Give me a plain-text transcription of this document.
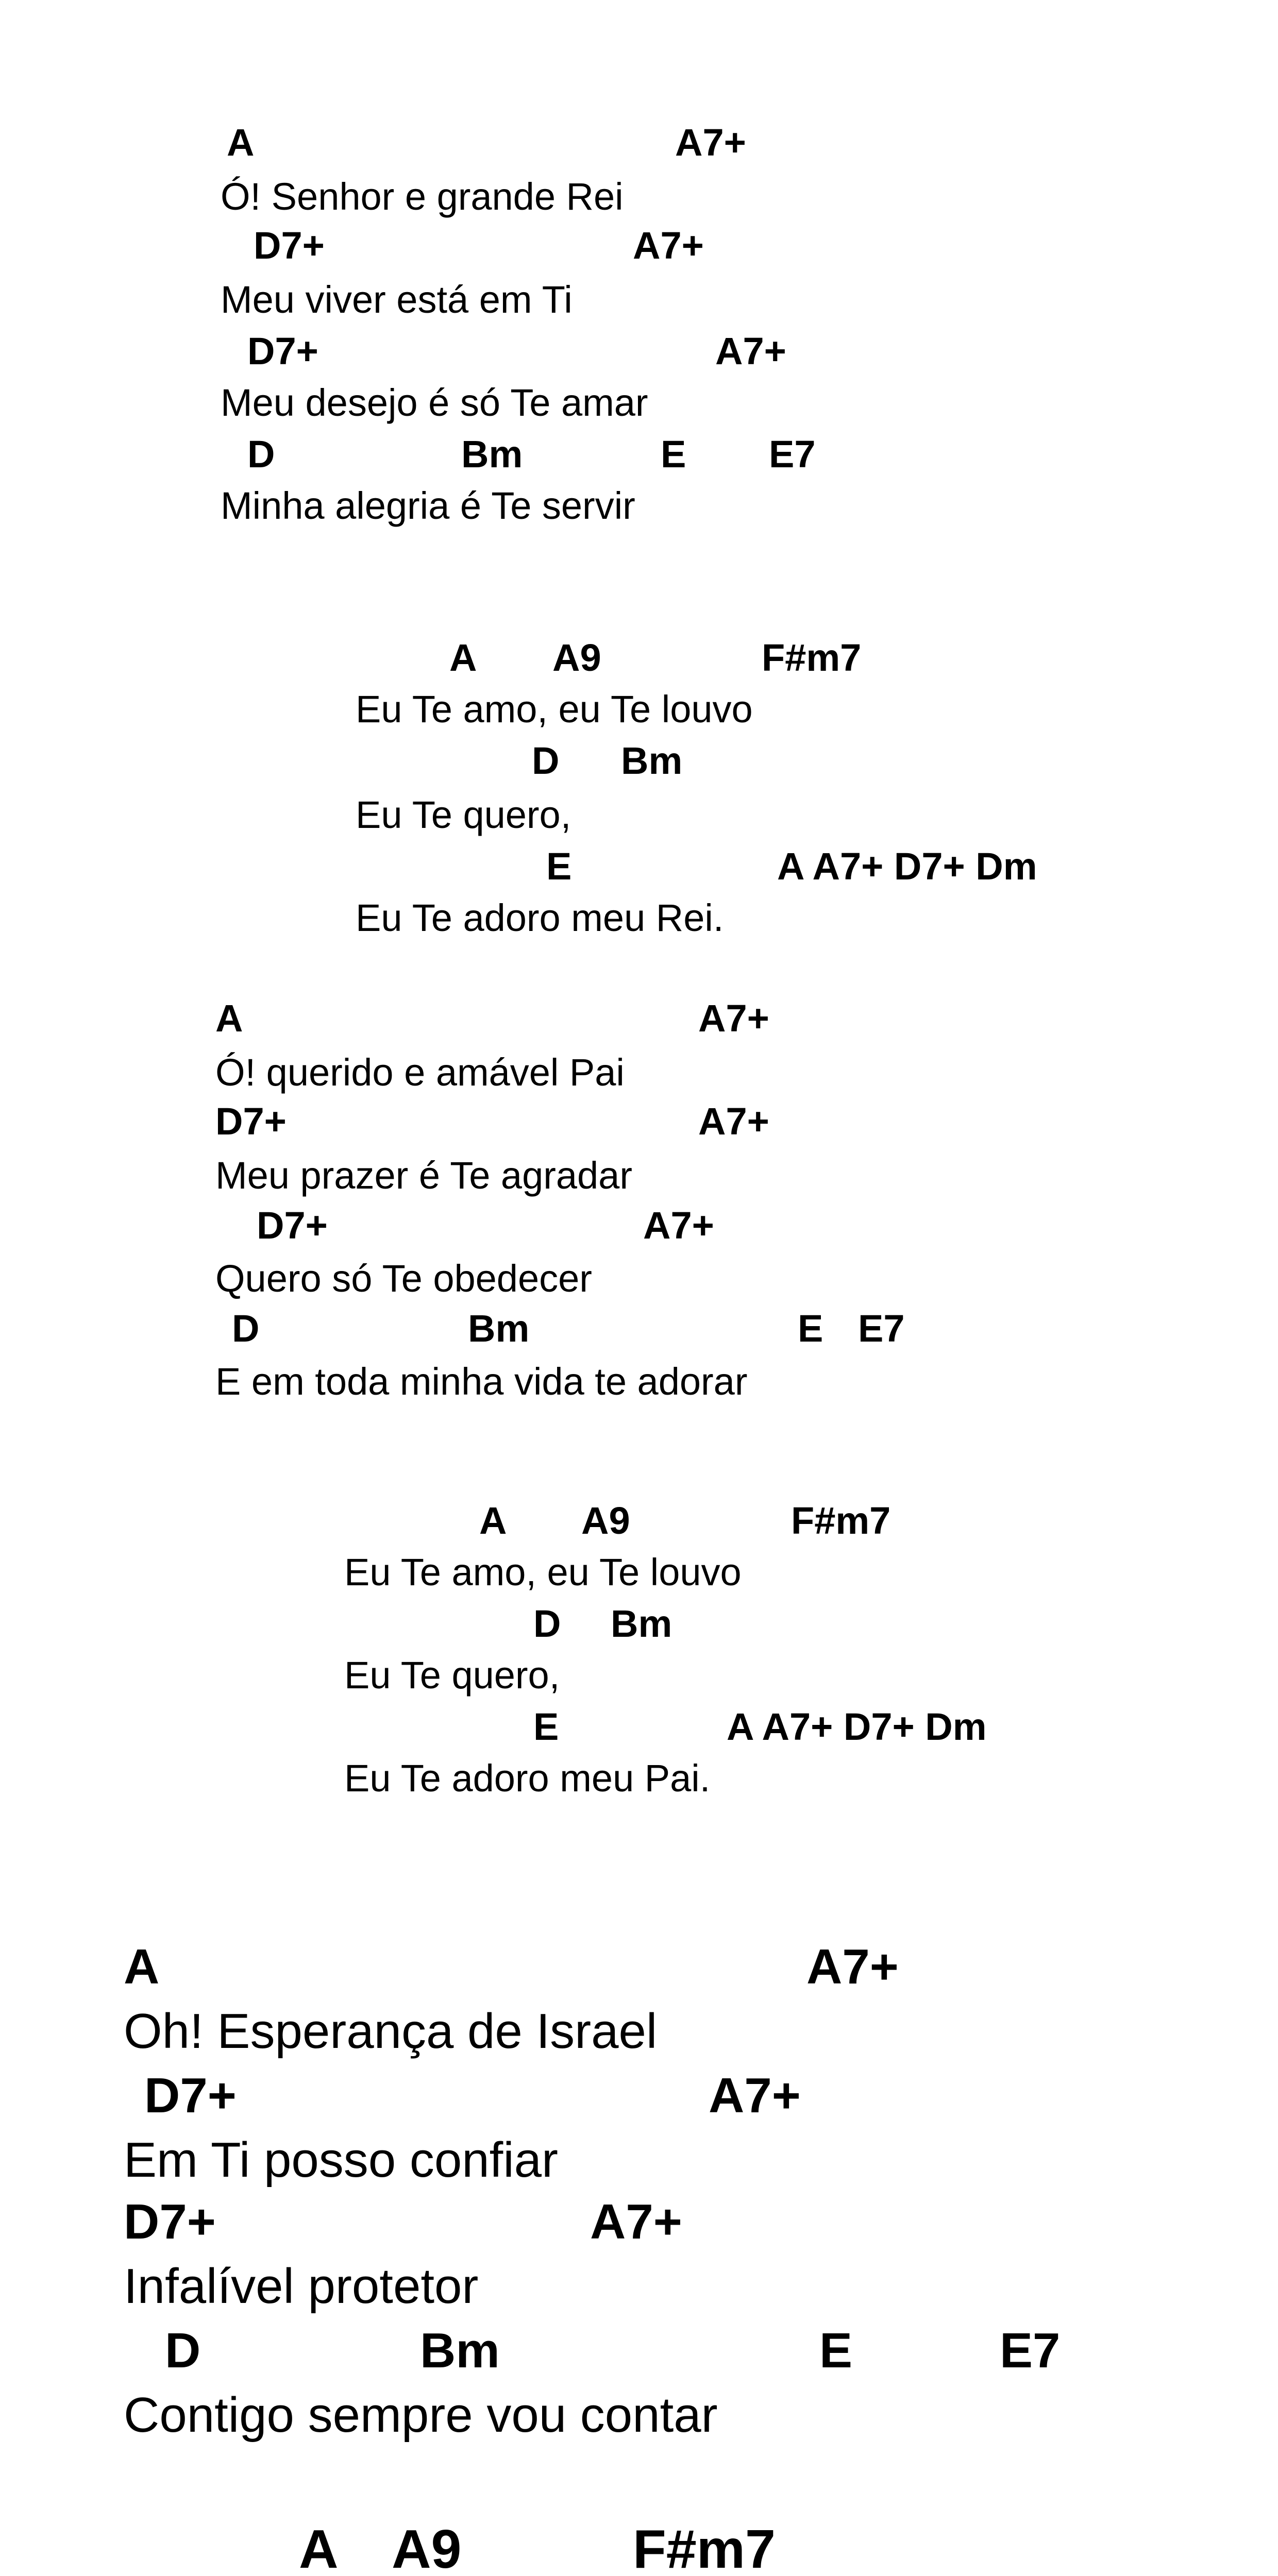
A	A7+
Ó! Senhor e grande Rei
D7+	A7+
Meu viver está em Ti
D7+	A7+
Meu desejo é só Te amar
D	Bm	E E7
Minha alegria é Te servir
A A9	F#m7
Eu Te amo, eu Te louvo
D Bm
Eu Te quero,
E	A A7+ D7+ Dm
Eu Te adoro meu Rei.
A	A7+
Ó! querido e amável Pai
D7+	A7+
Meu prazer é Te agradar
D7+	A7+
Quero só Te obedecer
D	Bm	E E7
E em toda minha vida te adorar
A A9	F#m7
Eu Te amo, eu Te louvo
D Bm
Eu Te quero,
E	A A7+ D7+ Dm
Eu Te adoro meu Pai.
A	A7+
Oh! Esperança de Israel
D7+	A7+
Em Ti posso confiar
D7+	A7+
Infalível protetor
D	Bm	E	E7
Contigo sempre vou contar
A A9	F#m7
